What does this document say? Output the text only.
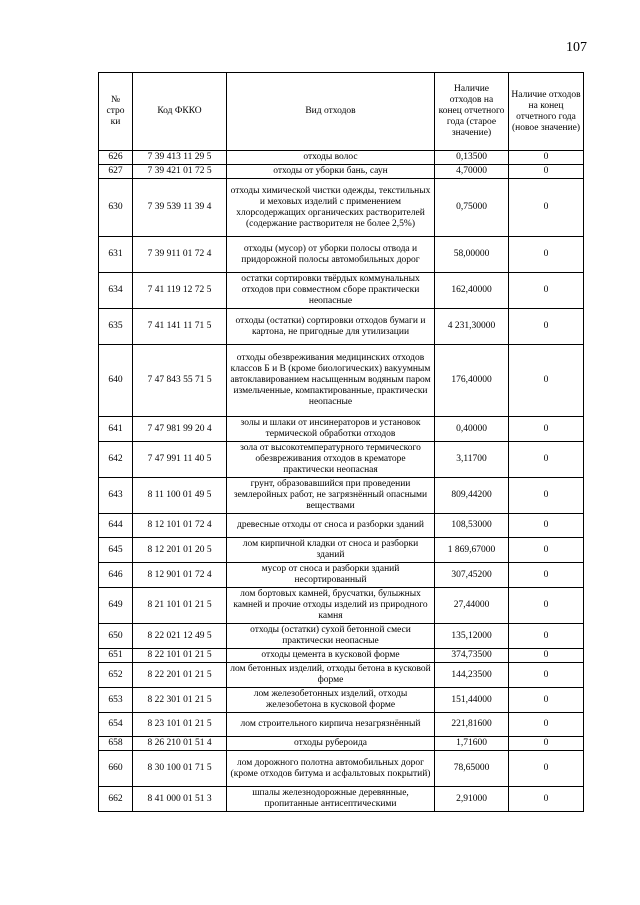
107
№ стро ки	Код ФККО	Вид отходов	Наличие отходов на конец отчетного года (старое значение)	Наличие отходов на конец отчетного года (новое значение)
626	7 39 413 11 29 5	отходы волос	0,13500	0
627	7 39 421 01 72 5	отходы от уборки бань, саун	4,70000	0
630	7 39 539 11 39 4	отходы химической чистки одежды, текстильных и меховых изделий с применением хлорсодержащих органических растворителей (содержание растворителя не более 2,5%)	0,75000	0
631	7 39 911 01 72 4	отходы (мусор) от уборки полосы отвода и придорожной полосы автомобильных дорог	58,00000	0
634	7 41 119 12 72 5	остатки сортировки твёрдых коммунальных отходов при совместном сборе практически неопасные	162,40000	0
635	7 41 141 11 71 5	отходы (остатки) сортировки отходов бумаги и картона, не пригодные для утилизации	4 231,30000	0
640	7 47 843 55 71 5	отходы обезвреживания медицинских отходов классов Б и В (кроме биологических) вакуумным автоклавированием насыщенным водяным паром измельченные, компактированные, практически неопасные	176,40000	0
641	7 47 981 99 20 4	золы и шлаки от инсинераторов и установок термической обработки отходов	0,40000	0
642	7 47 991 11 40 5	зола от высокотемпературного термического обезвреживания отходов в крематоре практически неопасная	3,11700	0
643	8 11 100 01 49 5	грунт, образовавшийся при проведении землеройных работ, не загрязнённый опасными веществами	809,44200	0
644	8 12 101 01 72 4	древесные отходы от сноса и разборки зданий	108,53000	0
645	8 12 201 01 20 5	лом кирпичной кладки от сноса и разборки зданий	1 869,67000	0
646	8 12 901 01 72 4	мусор от сноса и разборки зданий несортированный	307,45200	0
649	8 21 101 01 21 5	лом бортовых камней, брусчатки, булыжных камней и прочие отходы изделий из природного камня	27,44000	0
650	8 22 021 12 49 5	отходы (остатки) сухой бетонной смеси практически неопасные	135,12000	0
651	8 22 101 01 21 5	отходы цемента в кусковой форме	374,73500	0
652	8 22 201 01 21 5	лом бетонных изделий, отходы бетона в кусковой форме	144,23500	0
653	8 22 301 01 21 5	лом железобетонных изделий, отходы железобетона в кусковой форме	151,44000	0
654	8 23 101 01 21 5	лом строительного кирпича незагрязнённый	221,81600	0
658	8 26 210 01 51 4	отходы рубероида	1,71600	0
660	8 30 100 01 71 5	лом дорожного полотна автомобильных дорог (кроме отходов битума и асфальтовых покрытий)	78,65000	0
662	8 41 000 01 51 3	шпалы железнодорожные деревянные, пропитанные антисептическими	2,91000	0
